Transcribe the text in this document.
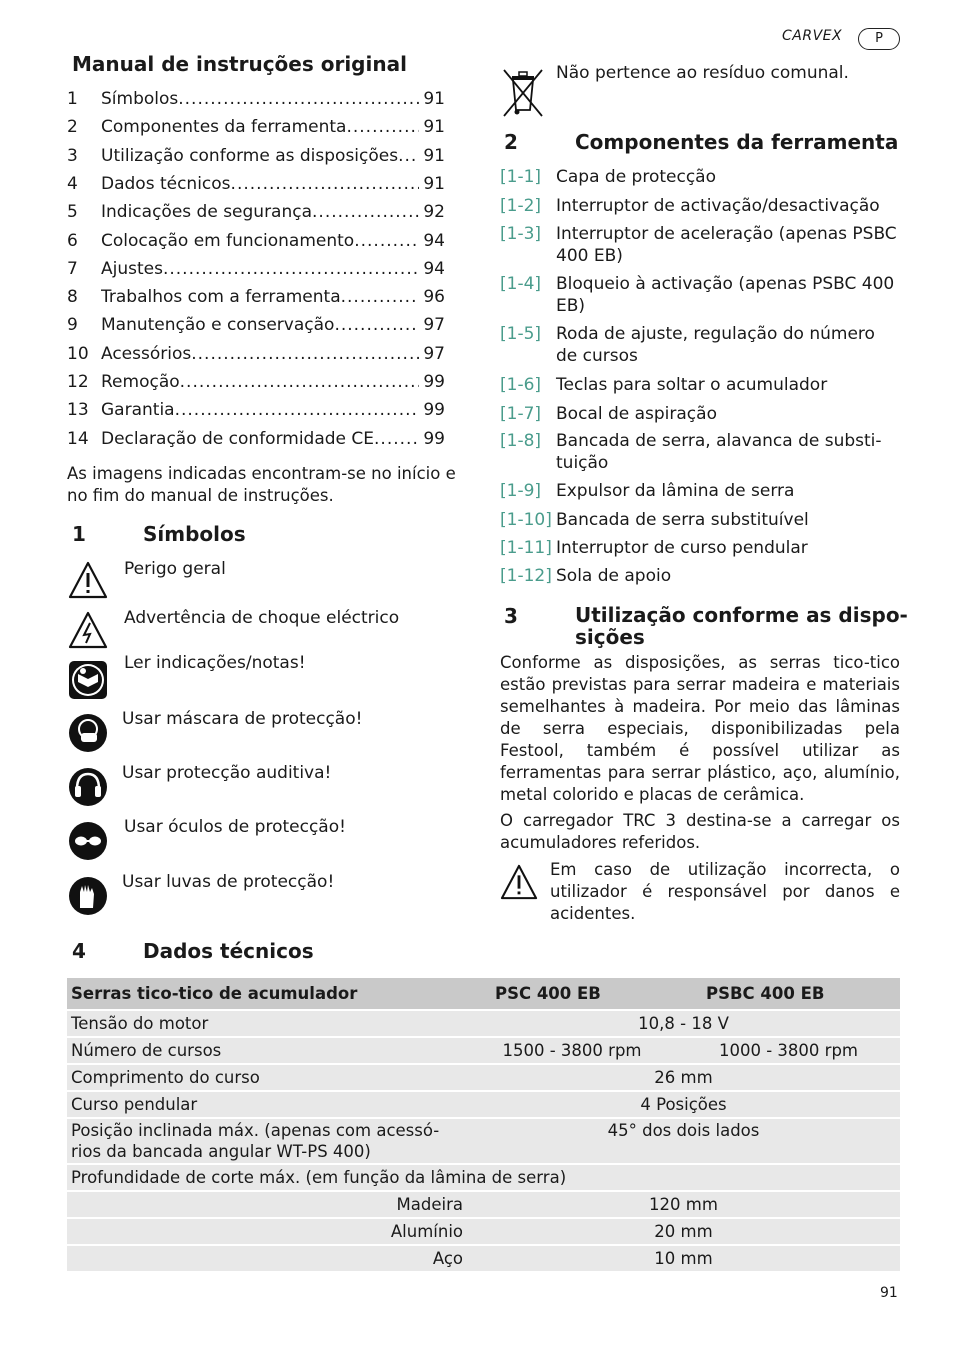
CARVEX	P
Manual de instruções original
1	Símbolos .....	91
2	Componentes da ferramenta .....	91
3	Utilização conforme as disposições ..... 91
4	Dados técnicos .....	91
5	Indicações de segurança .....	92
6	Colocação em funcionamento .....	94
7	Ajustes .....	94
8	Trabalhos com a ferramenta .....	96
9	Manutenção e conservação .....	97
10 Acessórios .....	97
12 Remoção .....	99
13 Garantia .....	99
14 Declaração de conformidade CE .....	99
As imagens indicadas encontram-se no início e no fim do manual de instruções.
1	Símbolos
Perigo geral
Advertência de choque eléctrico
Ler indicações/notas!
Usar máscara de protecção!
Usar protecção auditiva!
Usar óculos de protecção!
Usar luvas de protecção!
Não pertence ao resíduo comunal.
2	Componentes da ferramenta
[1-1] Capa de protecção
[1-2] Interruptor de activação/desactivação
[1-3] Interruptor de aceleração (apenas PSBC 400 EB)
[1-4] Bloqueio à activação (apenas PSBC 400 EB)
[1-5] Roda de ajuste, regulação do número de cursos
[1-6] Teclas para soltar o acumulador
[1-7] Bocal de aspiração
[1-8] Bancada de serra, alavanca de substi-tuição
[1-9] Expulsor da lâmina de serra
[1-10] Bancada de serra substituível
[1-11] Interruptor de curso pendular
[1-12] Sola de apoio
3	Utilização conforme as dispo-
sições
Conforme as disposições, as serras tico-tico estão previstas para serrar madeira e materiais semelhantes à madeira. Por meio das lâminas de serra especiais, disponibilizadas pela Festool, também é possível utilizar as ferramentas para serrar plástico, aço, alumínio, metal colorido e placas de cerâmica.
O carregador TRC 3 destina-se a carregar os acumuladores referidos.
Em caso de utilização incorrecta, o utilizador é responsável por danos e acidentes.
4	Dados técnicos
Serras tico-tico de acumulador	PSC 400 EB	PSBC 400 EB
Tensão do motor	10,8 - 18 V	
Número de cursos	1500 - 3800 rpm	1000 - 3800 rpm
Comprimento do curso	26 mm	
Curso pendular	4 Posições	
Posição inclinada máx. (apenas com acessó-rios da bancada angular WT-PS 400)	45° dos dois lados	
Profundidade de corte máx. (em função da lâmina de serra)		
Madeira	120 mm	
Alumínio	20 mm	
Aço	10 mm	
91
